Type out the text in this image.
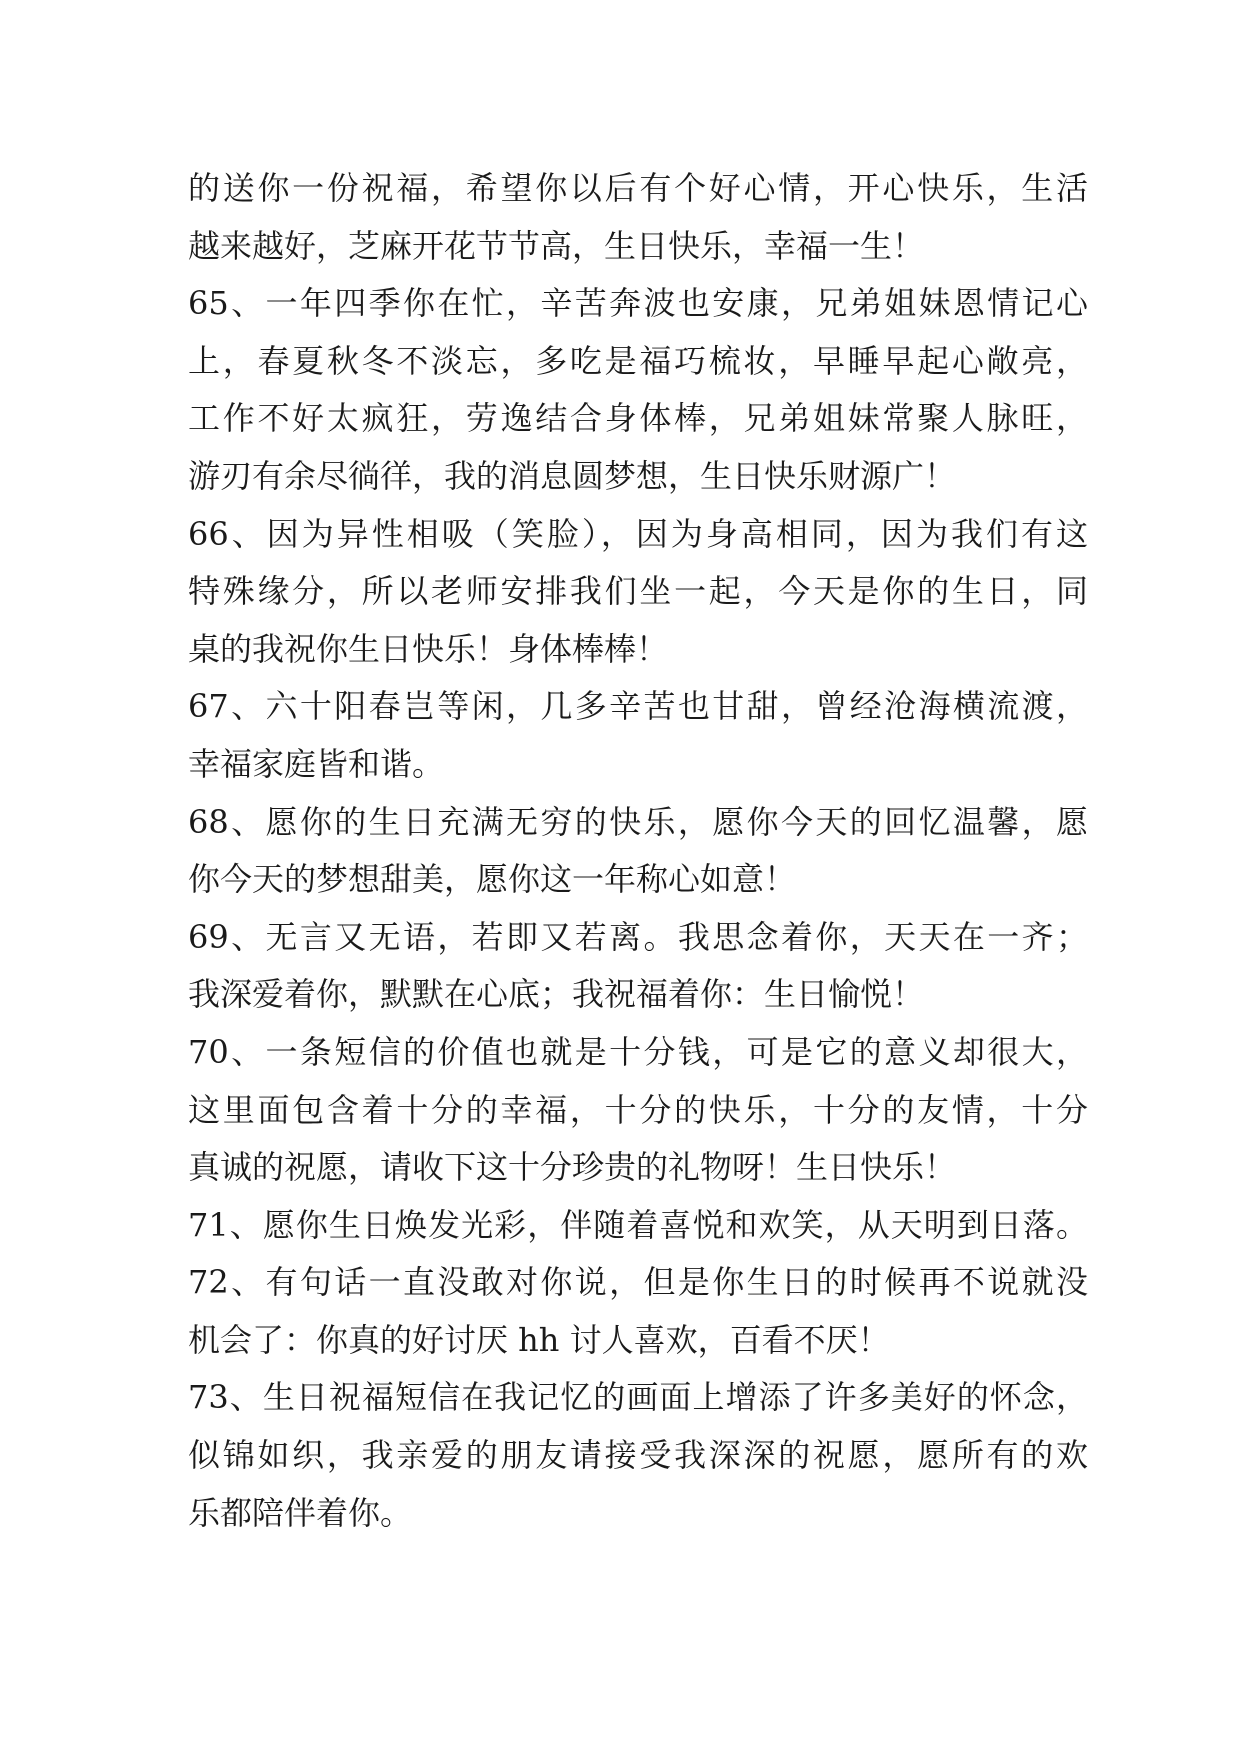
的送你一份祝福，希望你以后有个好心情，开心快乐，生活
越来越好，芝麻开花节节高，生日快乐，幸福一生！
65、一年四季你在忙，辛苦奔波也安康，兄弟姐妹恩情记心
上，春夏秋冬不淡忘，多吃是福巧梳妆，早睡早起心敞亮，
工作不好太疯狂，劳逸结合身体棒，兄弟姐妹常聚人脉旺，
游刃有余尽徜徉，我的消息圆梦想，生日快乐财源广！
66、因为异性相吸（笑脸），因为身高相同，因为我们有这
特殊缘分，所以老师安排我们坐一起，今天是你的生日，同
桌的我祝你生日快乐！身体棒棒！
67、六十阳春岂等闲，几多辛苦也甘甜，曾经沧海横流渡，
幸福家庭皆和谐。
68、愿你的生日充满无穷的快乐，愿你今天的回忆温馨，愿
你今天的梦想甜美，愿你这一年称心如意！
69、无言又无语，若即又若离。我思念着你，天天在一齐；
我深爱着你，默默在心底；我祝福着你：生日愉悦！
70、一条短信的价值也就是十分钱，可是它的意义却很大，
这里面包含着十分的幸福，十分的快乐，十分的友情，十分
真诚的祝愿，请收下这十分珍贵的礼物呀！生日快乐！
71、愿你生日焕发光彩，伴随着喜悦和欢笑，从天明到日落。
72、有句话一直没敢对你说，但是你生日的时候再不说就没
机会了：你真的好讨厌 hh 讨人喜欢，百看不厌！
73、生日祝福短信在我记忆的画面上增添了许多美好的怀念，
似锦如织，我亲爱的朋友请接受我深深的祝愿，愿所有的欢
乐都陪伴着你。
